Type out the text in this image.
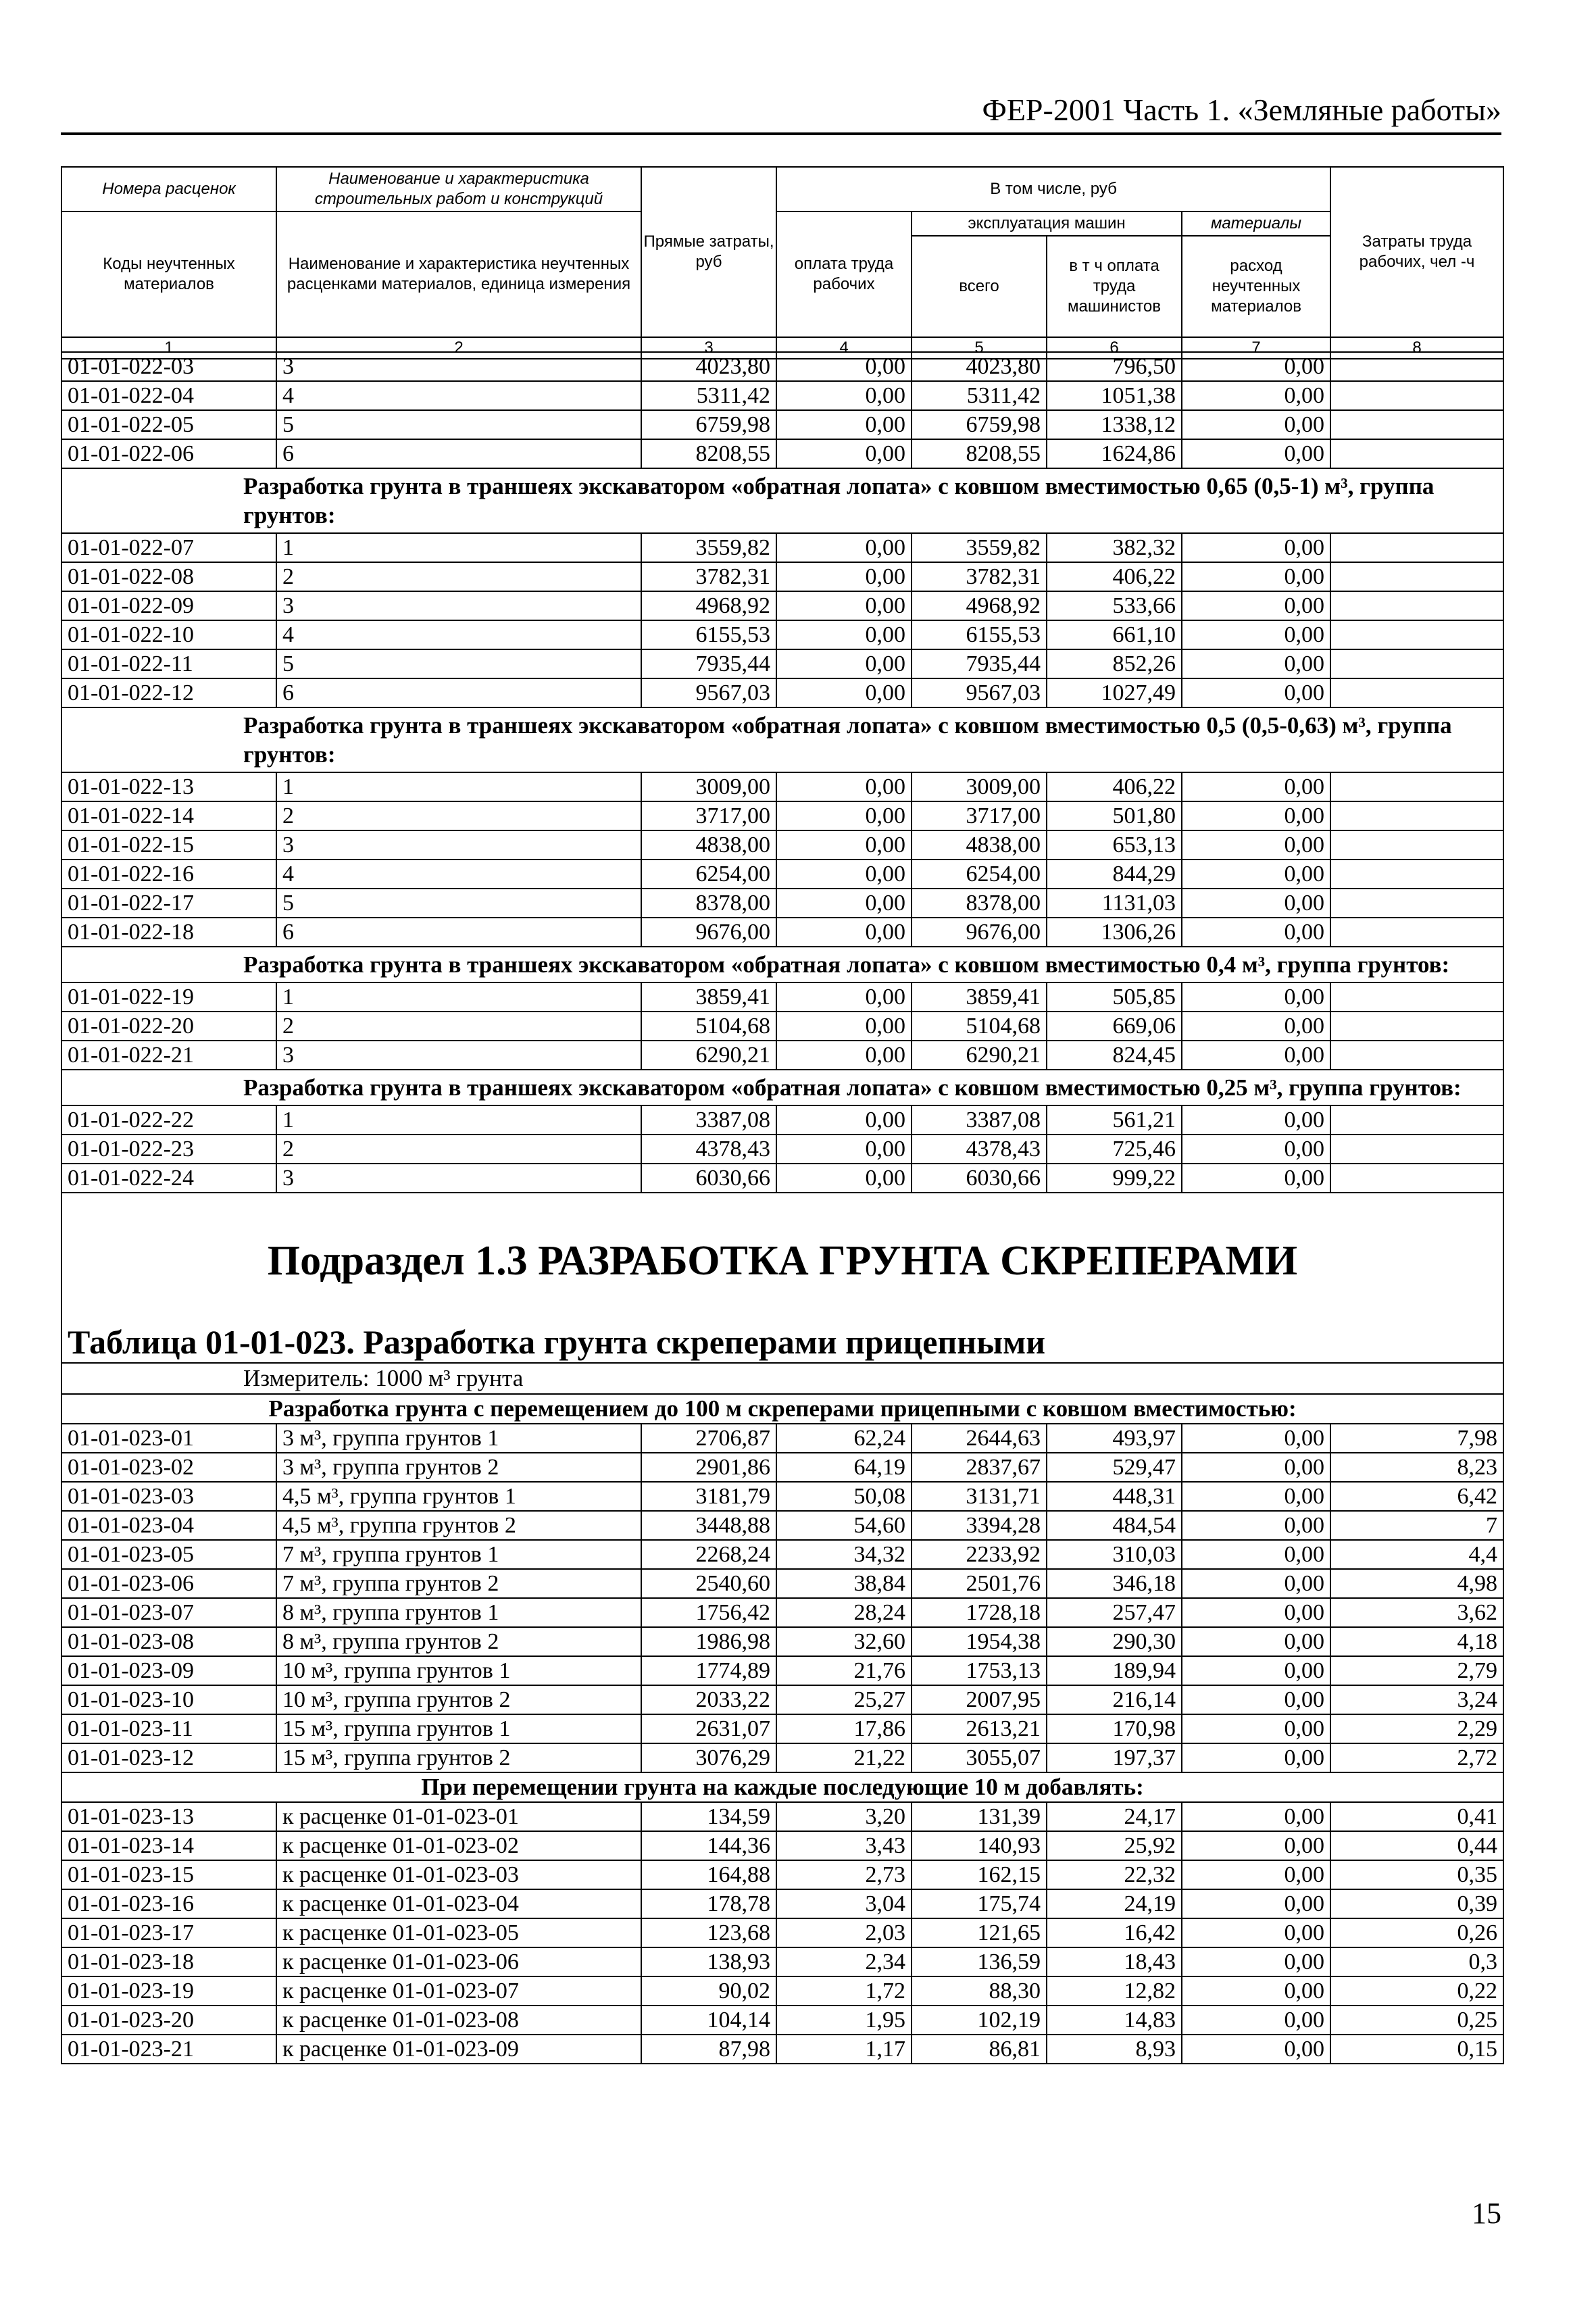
ФЕР-2001 Часть 1. «Земляные работы»
Номера расценок	Наименование и характеристика строительных работ и конструкций	Прямые затраты, руб	В том числе, руб				Затраты труда рабочих, чел -ч
Коды неучтенных материалов	Наименование и характеристика неучтенных расценками материалов, единица измерения		оплата труда рабочих	эксплуатация машин		материалы	
				всего	в т ч оплата труда машинистов	расход неучтенных материалов	
1	2	3	4	5	6	7	8
01-01-022-03	3	4023,80	0,00	4023,80	796,50	0,00	
01-01-022-04	4	5311,42	0,00	5311,42	1051,38	0,00	
01-01-022-05	5	6759,98	0,00	6759,98	1338,12	0,00	
01-01-022-06	6	8208,55	0,00	8208,55	1624,86	0,00	
Разработка грунта в траншеях экскаватором «обратная лопата» с ковшом вместимостью 0,65 (0,5-1) м³, группа грунтов:							
01-01-022-07	1	3559,82	0,00	3559,82	382,32	0,00	
01-01-022-08	2	3782,31	0,00	3782,31	406,22	0,00	
01-01-022-09	3	4968,92	0,00	4968,92	533,66	0,00	
01-01-022-10	4	6155,53	0,00	6155,53	661,10	0,00	
01-01-022-11	5	7935,44	0,00	7935,44	852,26	0,00	
01-01-022-12	6	9567,03	0,00	9567,03	1027,49	0,00	
Разработка грунта в траншеях экскаватором «обратная лопата» с ковшом вместимостью 0,5 (0,5-0,63) м³, группа грунтов:							
01-01-022-13	1	3009,00	0,00	3009,00	406,22	0,00	
01-01-022-14	2	3717,00	0,00	3717,00	501,80	0,00	
01-01-022-15	3	4838,00	0,00	4838,00	653,13	0,00	
01-01-022-16	4	6254,00	0,00	6254,00	844,29	0,00	
01-01-022-17	5	8378,00	0,00	8378,00	1131,03	0,00	
01-01-022-18	6	9676,00	0,00	9676,00	1306,26	0,00	
Разработка грунта в траншеях экскаватором «обратная лопата» с ковшом вместимостью 0,4 м³, группа грунтов:							
01-01-022-19	1	3859,41	0,00	3859,41	505,85	0,00	
01-01-022-20	2	5104,68	0,00	5104,68	669,06	0,00	
01-01-022-21	3	6290,21	0,00	6290,21	824,45	0,00	
Разработка грунта в траншеях экскаватором «обратная лопата» с ковшом вместимостью 0,25 м³, группа грунтов:							
01-01-022-22	1	3387,08	0,00	3387,08	561,21	0,00	
01-01-022-23	2	4378,43	0,00	4378,43	725,46	0,00	
01-01-022-24	3	6030,66	0,00	6030,66	999,22	0,00	

Подраздел 1.3 РАЗРАБОТКА ГРУНТА СКРЕПЕРАМИ
Таблица 01-01-023. Разработка грунта скреперами прицепными							

Измеритель: 1000 м³ грунта							
Разработка грунта с перемещением до 100 м скреперами прицепными с ковшом вместимостью:							
01-01-023-01	3 м³, группа грунтов 1	2706,87	62,24	2644,63	493,97	0,00	7,98
01-01-023-02	3 м³, группа грунтов 2	2901,86	64,19	2837,67	529,47	0,00	8,23
01-01-023-03	4,5 м³, группа грунтов 1	3181,79	50,08	3131,71	448,31	0,00	6,42
01-01-023-04	4,5 м³, группа грунтов 2	3448,88	54,60	3394,28	484,54	0,00	7
01-01-023-05	7 м³, группа грунтов 1	2268,24	34,32	2233,92	310,03	0,00	4,4
01-01-023-06	7 м³, группа грунтов 2	2540,60	38,84	2501,76	346,18	0,00	4,98
01-01-023-07	8 м³, группа грунтов 1	1756,42	28,24	1728,18	257,47	0,00	3,62
01-01-023-08	8 м³, группа грунтов 2	1986,98	32,60	1954,38	290,30	0,00	4,18
01-01-023-09	10 м³, группа грунтов 1	1774,89	21,76	1753,13	189,94	0,00	2,79
01-01-023-10	10 м³, группа грунтов 2	2033,22	25,27	2007,95	216,14	0,00	3,24
01-01-023-11	15 м³, группа грунтов 1	2631,07	17,86	2613,21	170,98	0,00	2,29
01-01-023-12	15 м³, группа грунтов 2	3076,29	21,22	3055,07	197,37	0,00	2,72
При перемещении грунта на каждые последующие 10 м добавлять:							
01-01-023-13	к расценке 01-01-023-01	134,59	3,20	131,39	24,17	0,00	0,41
01-01-023-14	к расценке 01-01-023-02	144,36	3,43	140,93	25,92	0,00	0,44
01-01-023-15	к расценке 01-01-023-03	164,88	2,73	162,15	22,32	0,00	0,35
01-01-023-16	к расценке 01-01-023-04	178,78	3,04	175,74	24,19	0,00	0,39
01-01-023-17	к расценке 01-01-023-05	123,68	2,03	121,65	16,42	0,00	0,26
01-01-023-18	к расценке 01-01-023-06	138,93	2,34	136,59	18,43	0,00	0,3
01-01-023-19	к расценке 01-01-023-07	90,02	1,72	88,30	12,82	0,00	0,22
01-01-023-20	к расценке 01-01-023-08	104,14	1,95	102,19	14,83	0,00	0,25
01-01-023-21	к расценке 01-01-023-09	87,98	1,17	86,81	8,93	0,00	0,15
15
